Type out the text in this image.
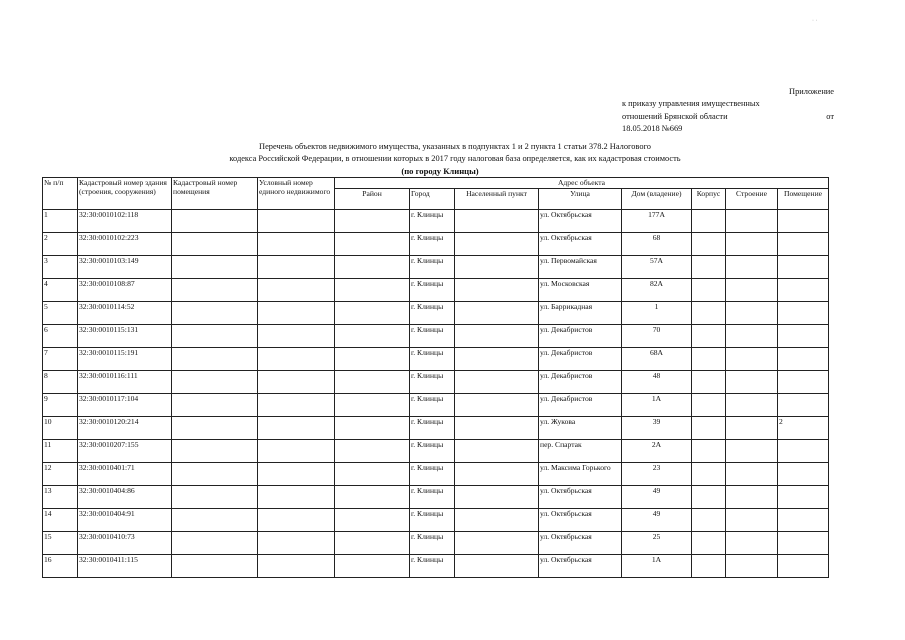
Приложение
к приказу управления имущественных
отношений Брянской области	от
18.05.2018 №669
Перечень объектов недвижимого имущества, указанных в подпунктах 1 и 2 пункта 1 статьи 378.2 Налогового
кодекса Российской Федерации, в отношении которых в 2017 году налоговая база определяется, как их кадастровая стоимость
(по городу Клинцы)
№ п/п	Кадастровый номер здания (строения, сооружения)	Кадастровый номер помещения	Условный номер единого недвижимого	Адрес объекта							
				Район	Город	Населенный пункт	Улица	Дом (владение)	Корпус	Строение	Помещение
1	32:30:0010102:118				г. Клинцы		ул. Октябрьская	177А			
2	32:30:0010102:223				г. Клинцы		ул. Октябрьская	68			
3	32:30:0010103:149				г. Клинцы		ул. Первомайская	57А			
4	32:30:0010108:87				г. Клинцы		ул. Московская	82А			
5	32:30:0010114:52				г. Клинцы		ул. Баррикадная	1			
6	32:30:0010115:131				г. Клинцы		ул. Декабристов	70			
7	32:30:0010115:191				г. Клинцы		ул. Декабристов	68А			
8	32:30:0010116:111				г. Клинцы		ул. Декабристов	48			
9	32:30:0010117:104				г. Клинцы		ул. Декабристов	1А			
10	32:30:0010120:214				г. Клинцы		ул. Жукова	39			2
11	32:30:0010207:155				г. Клинцы		пер. Спартак	2А			
12	32:30:0010401:71				г. Клинцы		ул. Максима Горького	23			
13	32:30:0010404:86				г. Клинцы		ул. Октябрьская	49			
14	32:30:0010404:91				г. Клинцы		ул. Октябрьская	49			
15	32:30:0010410:73				г. Клинцы		ул. Октябрьская	25			
16	32:30:0010411:115				г. Клинцы		ул. Октябрьская	1А			
· ·
